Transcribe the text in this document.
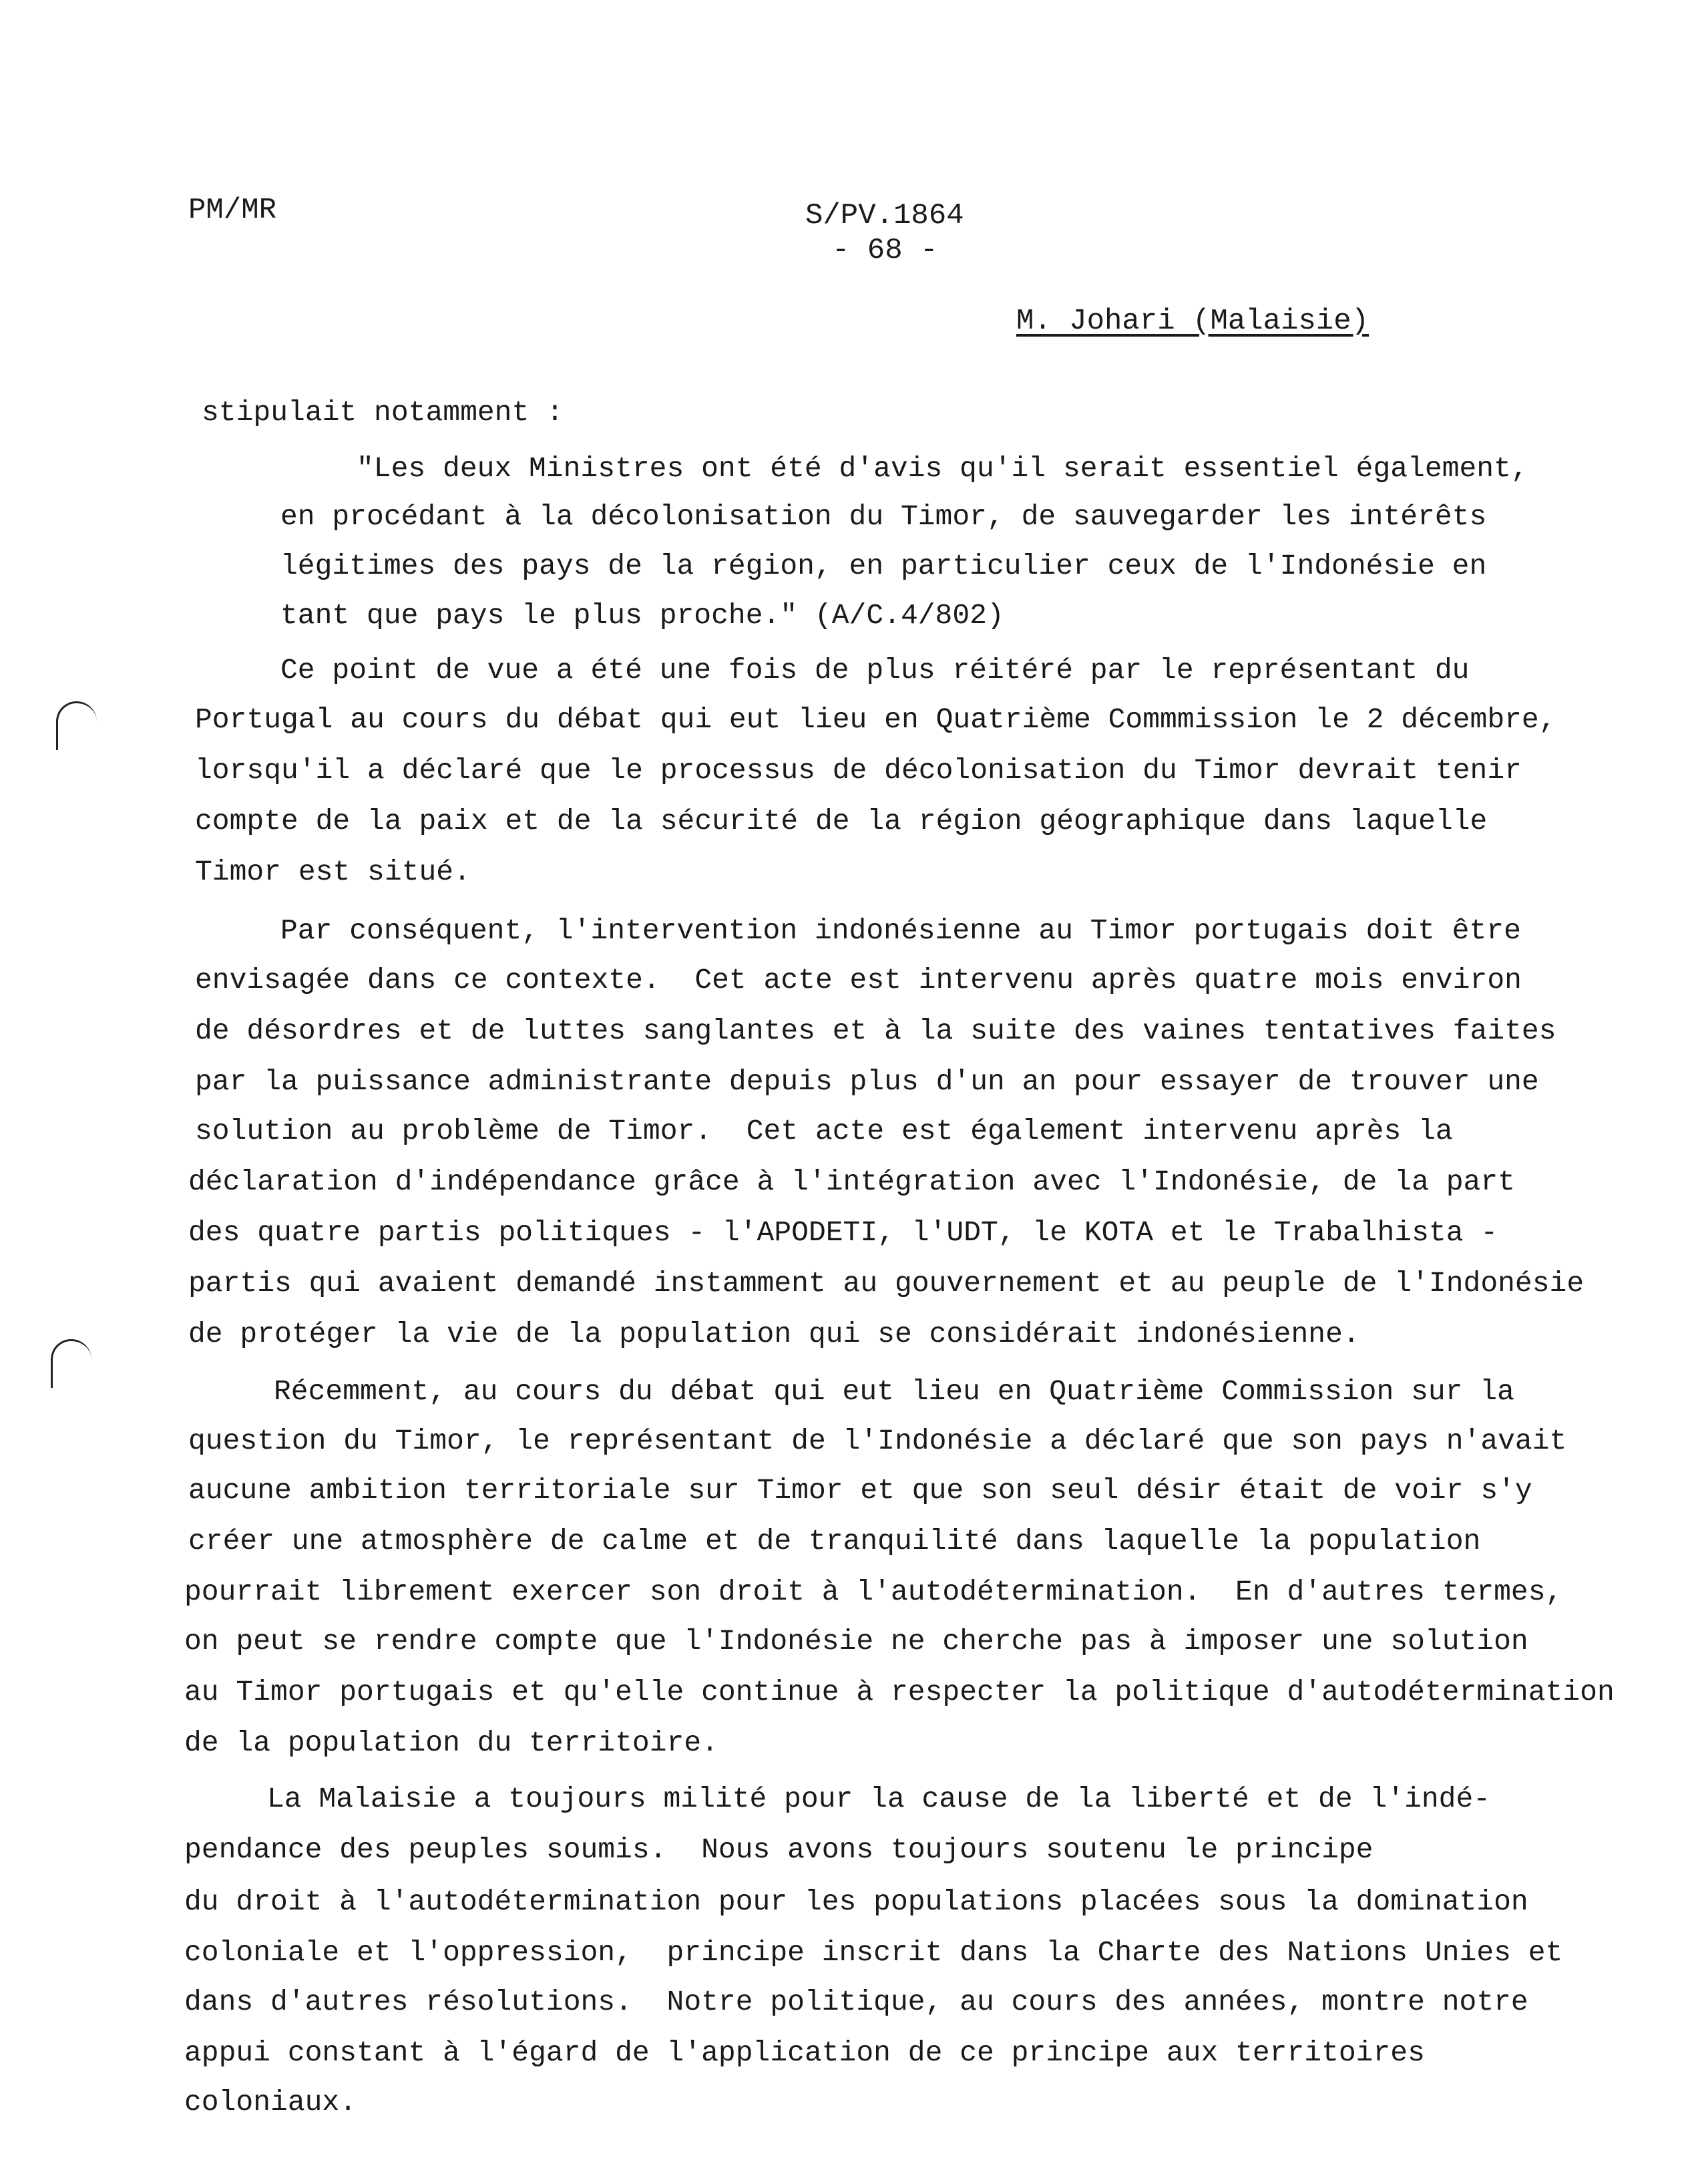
PM/MR	S/PV.1864
- 68 -
M. Johari (Malaisie)
stipulait notamment :
"Les deux Ministres ont été d'avis qu'il serait essentiel également,
en procédant à la décolonisation du Timor, de sauvegarder les intérêts
légitimes des pays de la région, en particulier ceux de l'Indonésie en
tant que pays le plus proche." (A/C.4/802)
Ce point de vue a été une fois de plus réitéré par le représentant du
Portugal au cours du débat qui eut lieu en Quatrième Commmission le 2 décembre,
lorsqu'il a déclaré que le processus de décolonisation du Timor devrait tenir
compte de la paix et de la sécurité de la région géographique dans laquelle
Timor est situé.
Par conséquent, l'intervention indonésienne au Timor portugais doit être
envisagée dans ce contexte.  Cet acte est intervenu après quatre mois environ
de désordres et de luttes sanglantes et à la suite des vaines tentatives faites
par la puissance administrante depuis plus d'un an pour essayer de trouver une
solution au problème de Timor.  Cet acte est également intervenu après la
déclaration d'indépendance grâce à l'intégration avec l'Indonésie, de la part
des quatre partis politiques - l'APODETI, l'UDT, le KOTA et le Trabalhista -
partis qui avaient demandé instamment au gouvernement et au peuple de l'Indonésie
de protéger la vie de la population qui se considérait indonésienne.
Récemment, au cours du débat qui eut lieu en Quatrième Commission sur la
question du Timor, le représentant de l'Indonésie a déclaré que son pays n'avait
aucune ambition territoriale sur Timor et que son seul désir était de voir s'y
créer une atmosphère de calme et de tranquilité dans laquelle la population
pourrait librement exercer son droit à l'autodétermination.  En d'autres termes,
on peut se rendre compte que l'Indonésie ne cherche pas à imposer une solution
au Timor portugais et qu'elle continue à respecter la politique d'autodétermination
de la population du territoire.
La Malaisie a toujours milité pour la cause de la liberté et de l'indé-
pendance des peuples soumis.  Nous avons toujours soutenu le principe
du droit à l'autodétermination pour les populations placées sous la domination
coloniale et l'oppression,  principe inscrit dans la Charte des Nations Unies et
dans d'autres résolutions.  Notre politique, au cours des années, montre notre
appui constant à l'égard de l'application de ce principe aux territoires
coloniaux.
